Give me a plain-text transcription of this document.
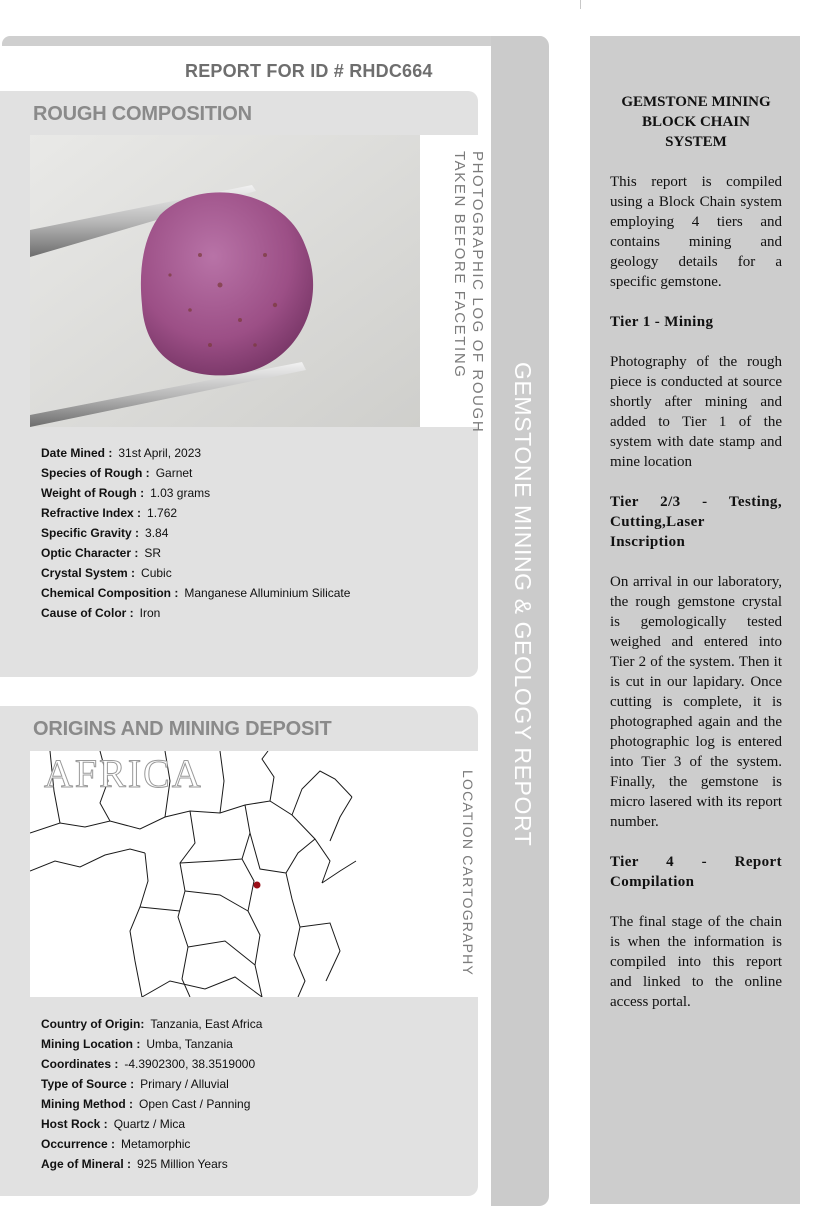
REPORT FOR ID # RHDC664
ROUGH COMPOSITION
PHOTOGRAPHIC LOG OF ROUGH
TAKEN BEFORE FACETING
Date Mined : 31st April, 2023
Species of Rough : Garnet
Weight of Rough : 1.03 grams
Refractive Index : 1.762
Specific Gravity : 3.84
Optic Character : SR
Crystal System : Cubic
Chemical Composition : Manganese Alluminium Silicate
Cause of Color : Iron
ORIGINS AND MINING DEPOSIT
AFRICA
Country of Origin: Tanzania, East Africa
Mining Location : Umba, Tanzania
Coordinates : -4.3902300, 38.3519000
Type of Source : Primary / Alluvial
Mining Method : Open Cast / Panning
Host Rock : Quartz / Mica
Occurrence : Metamorphic
Age of Mineral : 925 Million Years
LOCATION CARTOGRAPHY
GEMSTONE MINING & GEOLOGY REPORT
GEMSTONE MINING BLOCK CHAIN SYSTEM

This report is compiled using a Block Chain system employing 4 tiers and contains mining and geology details for a specific gemstone.

Tier 1 - Mining

Photography of the rough piece is conducted at source shortly after mining and added to Tier 1 of the system with date stamp and mine location

Tier 2/3 - Testing, Cutting,Laser Inscription

On arrival in our laboratory, the rough gemstone crystal is gemologically tested weighed and entered into Tier 2 of the system. Then it is cut in our lapidary. Once cutting is complete, it is photographed again and the photographic log is entered into Tier 3 of the system. Finally, the gemstone is micro lasered with its report number.

Tier 4 - Report Compilation

The final stage of the chain is when the information is compiled into this report and linked to the online access portal.
